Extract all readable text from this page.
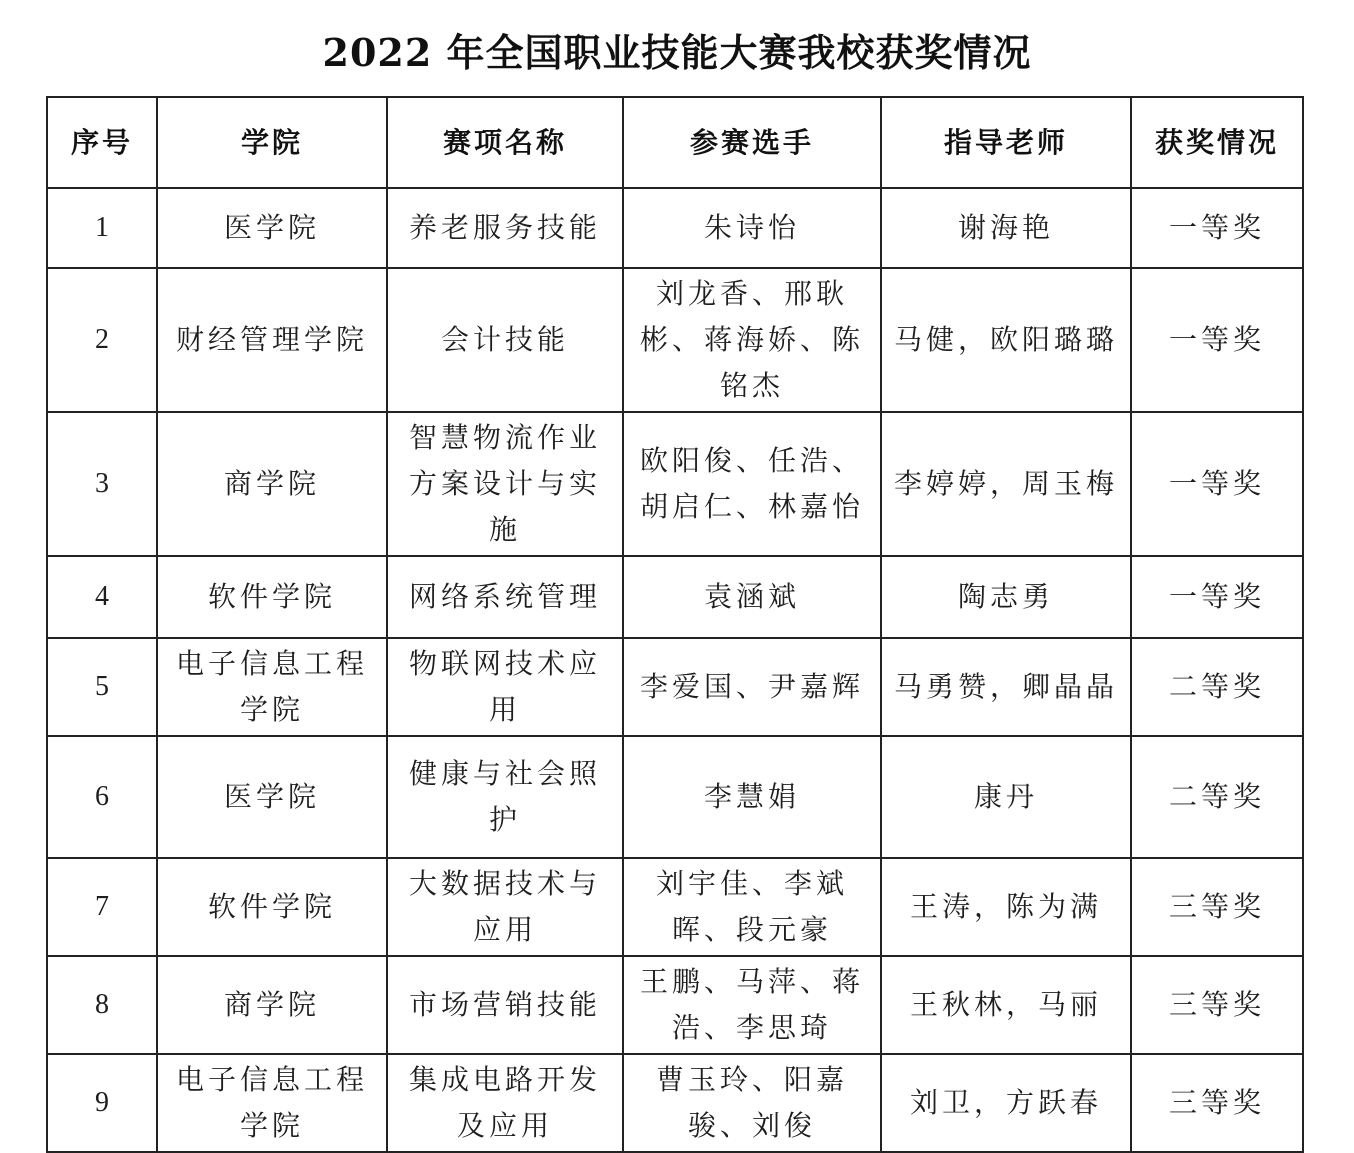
2022 年全国职业技能大赛我校获奖情况
序号	学院	赛项名称	参赛选手	指导老师	获奖情况
1	医学院	养老服务技能	朱诗怡	谢海艳	一等奖
2	财经管理学院	会计技能	刘龙香、邢耿彬、蒋海娇、陈铭杰	马健，欧阳璐璐	一等奖
3	商学院	智慧物流作业方案设计与实施	欧阳俊、任浩、胡启仁、林嘉怡	李婷婷，周玉梅	一等奖
4	软件学院	网络系统管理	袁涵斌	陶志勇	一等奖
5	电子信息工程学院	物联网技术应用	李爱国、尹嘉辉	马勇赞，卿晶晶	二等奖
6	医学院	健康与社会照护	李慧娟	康丹	二等奖
7	软件学院	大数据技术与应用	刘宇佳、李斌晖、段元豪	王涛，陈为满	三等奖
8	商学院	市场营销技能	王鹏、马萍、蒋浩、李思琦	王秋林，马丽	三等奖
9	电子信息工程学院	集成电路开发及应用	曹玉玲、阳嘉骏、刘俊	刘卫，方跃春	三等奖
